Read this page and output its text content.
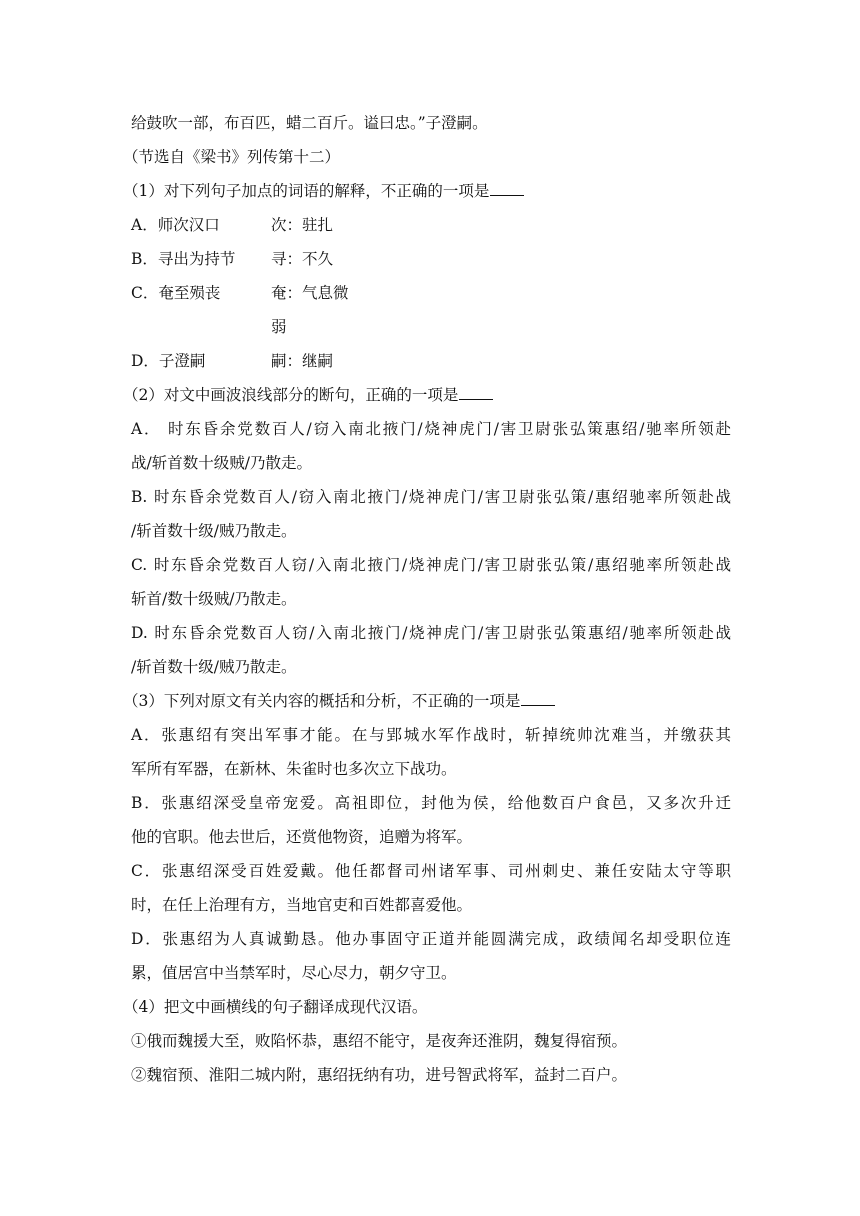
给鼓吹一部，布百匹，蜡二百斤。谥曰忠。”子澄嗣。
（节选自《梁书》列传第十二）
（1）对下列句子加点的词语的解释，不正确的一项是
A．师次汉口	次：驻扎
B．寻出为持节	寻：不久
C．奄至殒丧	奄：气息微
弱
D．子澄嗣	嗣：继嗣
（2）对文中画波浪线部分的断句，正确的一项是
A． 时东昏余党数百人/窃入南北掖门/烧神虎门/害卫尉张弘策惠绍/驰率所领赴
战/斩首数十级贼/乃散走。
B. 时东昏余党数百人/窃入南北掖门/烧神虎门/害卫尉张弘策/惠绍驰率所领赴战
/斩首数十级/贼乃散走。
C. 时东昏余党数百人窃/入南北掖门/烧神虎门/害卫尉张弘策/惠绍驰率所领赴战
斩首/数十级贼/乃散走。
D. 时东昏余党数百人窃/入南北掖门/烧神虎门/害卫尉张弘策惠绍/驰率所领赴战
/斩首数十级/贼乃散走。
（3）下列对原文有关内容的概括和分析，不正确的一项是
A．张惠绍有突出军事才能。在与郢城水军作战时，斩掉统帅沈难当，并缴获其
军所有军器，在新林、朱雀时也多次立下战功。
B．张惠绍深受皇帝宠爱。高祖即位，封他为侯，给他数百户食邑，又多次升迁
他的官职。他去世后，还赏他物资，追赠为将军。
C．张惠绍深受百姓爱戴。他任都督司州诸军事、司州刺史、兼任安陆太守等职
时，在任上治理有方，当地官吏和百姓都喜爱他。
D．张惠绍为人真诚勤恳。他办事固守正道并能圆满完成，政绩闻名却受职位连
累，值居宫中当禁军时，尽心尽力，朝夕守卫。
（4）把文中画横线的句子翻译成现代汉语。
①俄而魏援大至，败陷怀恭，惠绍不能守，是夜奔还淮阴，魏复得宿预。
②魏宿预、淮阳二城内附，惠绍抚纳有功，进号智武将军，益封二百户。
